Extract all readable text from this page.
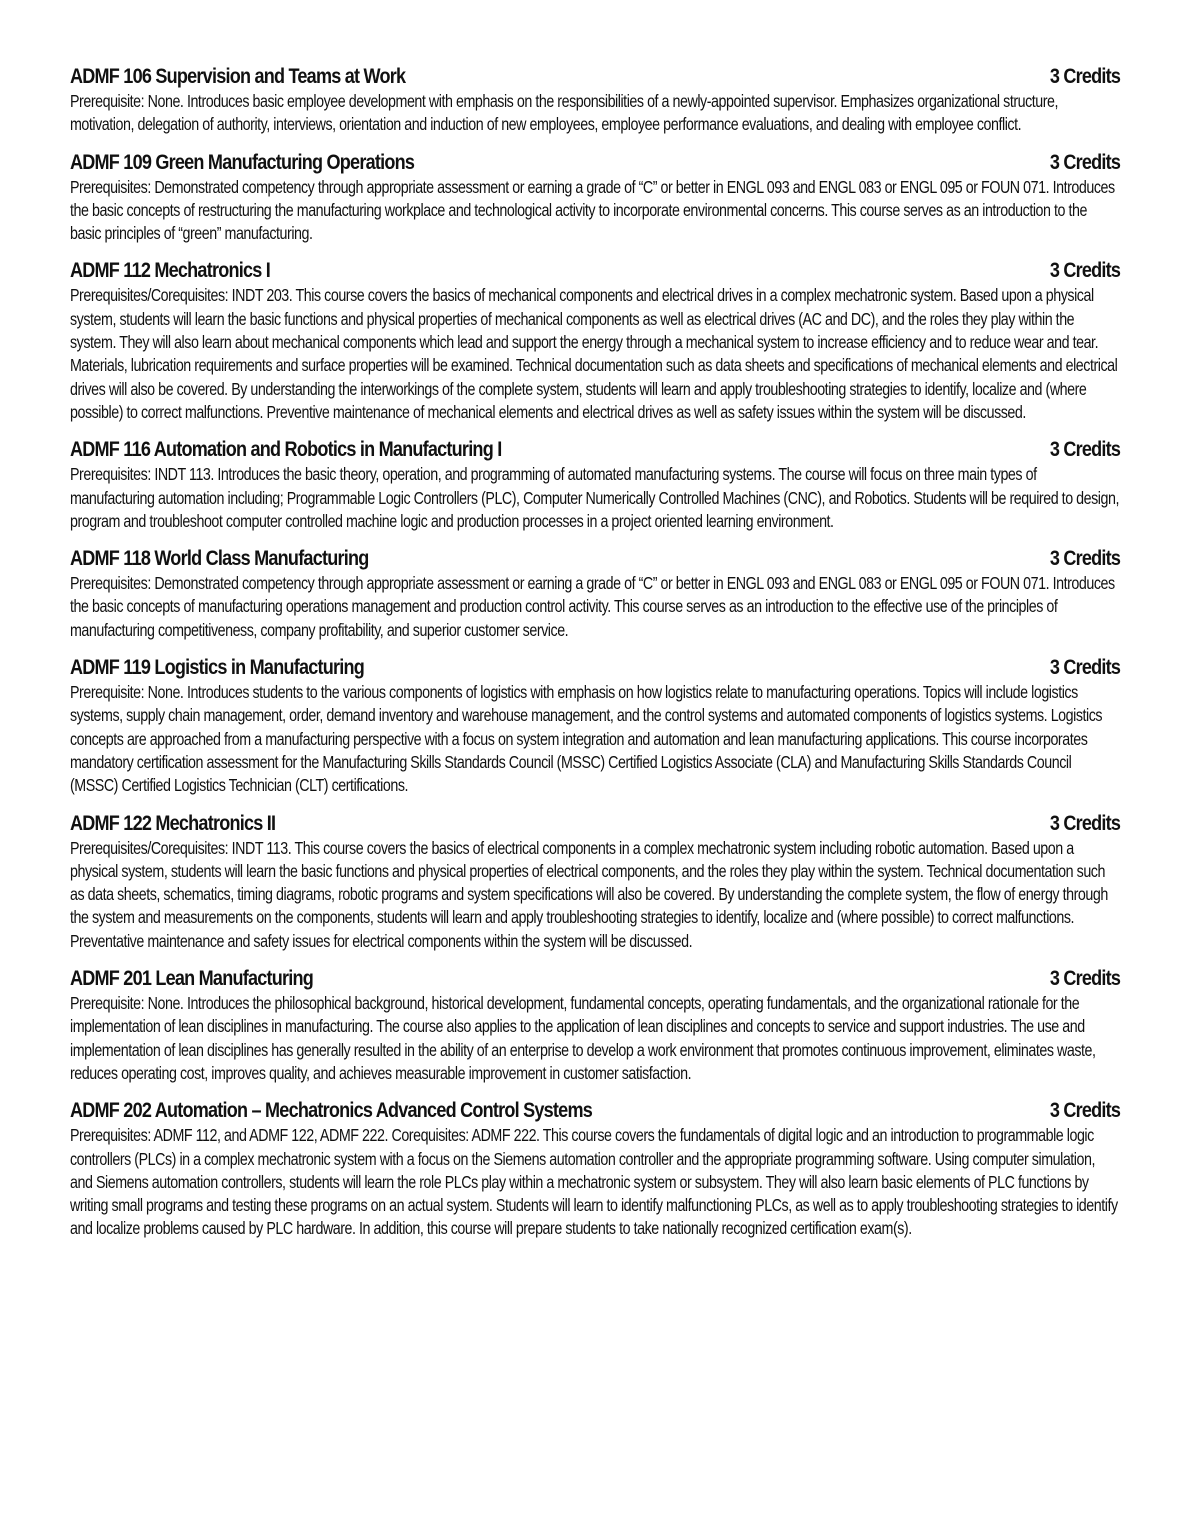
ADMF 106 Supervision and Teams at Work	3 Credits

Prerequisite: None. Introduces basic employee development with emphasis on the responsibilities of a newly-appointed supervisor. Emphasizes organizational structure, motivation, delegation of authority, interviews, orientation and induction of new employees, employee performance evaluations, and dealing with employee conflict.

ADMF 109 Green Manufacturing Operations	3 Credits

Prerequisites: Demonstrated competency through appropriate assessment or earning a grade of “C” or better in ENGL 093 and ENGL 083 or ENGL 095 or FOUN 071. Introduces the basic concepts of restructuring the manufacturing workplace and technological activity to incorporate environmental concerns. This course serves as an introduction to the basic principles of “green” manufacturing.

ADMF 112 Mechatronics I	3 Credits

Prerequisites/Corequisites: INDT 203. This course covers the basics of mechanical components and electrical drives in a complex mechatronic system. Based upon a physical system, students will learn the basic functions and physical properties of mechanical components as well as electrical drives (AC and DC), and the roles they play within the system. They will also learn about mechanical components which lead and support the energy through a mechanical system to increase efficiency and to reduce wear and tear. Materials, lubrication requirements and surface properties will be examined. Technical documentation such as data sheets and specifications of mechanical elements and electrical drives will also be covered. By understanding the interworkings of the complete system, students will learn and apply troubleshooting strategies to identify, localize and (where possible) to correct malfunctions. Preventive maintenance of mechanical elements and electrical drives as well as safety issues within the system will be discussed.

ADMF 116 Automation and Robotics in Manufacturing I	3 Credits

Prerequisites: INDT 113. Introduces the basic theory, operation, and programming of automated manufacturing systems. The course will focus on three main types of manufacturing automation including; Programmable Logic Controllers (PLC), Computer Numerically Controlled Machines (CNC), and Robotics. Students will be required to design, program and troubleshoot computer controlled machine logic and production processes in a project oriented learning environment.

ADMF 118 World Class Manufacturing	3 Credits

Prerequisites: Demonstrated competency through appropriate assessment or earning a grade of “C” or better in ENGL 093 and ENGL 083 or ENGL 095 or FOUN 071. Introduces the basic concepts of manufacturing operations management and production control activity. This course serves as an introduction to the effective use of the principles of manufacturing competitiveness, company profitability, and superior customer service.

ADMF 119 Logistics in Manufacturing	3 Credits

Prerequisite: None. Introduces students to the various components of logistics with emphasis on how logistics relate to manufacturing operations. Topics will include logistics systems, supply chain management, order, demand inventory and warehouse management, and the control systems and automated components of logistics systems. Logistics concepts are approached from a manufacturing perspective with a focus on system integration and automation and lean manufacturing applications. This course incorporates mandatory certification assessment for the Manufacturing Skills Standards Council (MSSC) Certified Logistics Associate (CLA) and Manufacturing Skills Standards Council (MSSC) Certified Logistics Technician (CLT) certifications.

ADMF 122 Mechatronics II	3 Credits

Prerequisites/Corequisites: INDT 113. This course covers the basics of electrical components in a complex mechatronic system including robotic automation. Based upon a physical system, students will learn the basic functions and physical properties of electrical components, and the roles they play within the system. Technical documentation such as data sheets, schematics, timing diagrams, robotic programs and system specifications will also be covered. By understanding the complete system, the flow of energy through the system and measurements on the components, students will learn and apply troubleshooting strategies to identify, localize and (where possible) to correct malfunctions. Preventative maintenance and safety issues for electrical components within the system will be discussed.

ADMF 201 Lean Manufacturing	3 Credits

Prerequisite: None. Introduces the philosophical background, historical development, fundamental concepts, operating fundamentals, and the organizational rationale for the implementation of lean disciplines in manufacturing. The course also applies to the application of lean disciplines and concepts to service and support industries. The use and implementation of lean disciplines has generally resulted in the ability of an enterprise to develop a work environment that promotes continuous improvement, eliminates waste, reduces operating cost, improves quality, and achieves measurable improvement in customer satisfaction.

ADMF 202 Automation – Mechatronics Advanced Control Systems	3 Credits

Prerequisites: ADMF 112, and ADMF 122, ADMF 222. Corequisites: ADMF 222. This course covers the fundamentals of digital logic and an introduction to programmable logic controllers (PLCs) in a complex mechatronic system with a focus on the Siemens automation controller and the appropriate programming software. Using computer simulation, and Siemens automation controllers, students will learn the role PLCs play within a mechatronic system or subsystem. They will also learn basic elements of PLC functions by writing small programs and testing these programs on an actual system. Students will learn to identify malfunctioning PLCs, as well as to apply troubleshooting strategies to identify and localize problems caused by PLC hardware. In addition, this course will prepare students to take nationally recognized certification exam(s).
